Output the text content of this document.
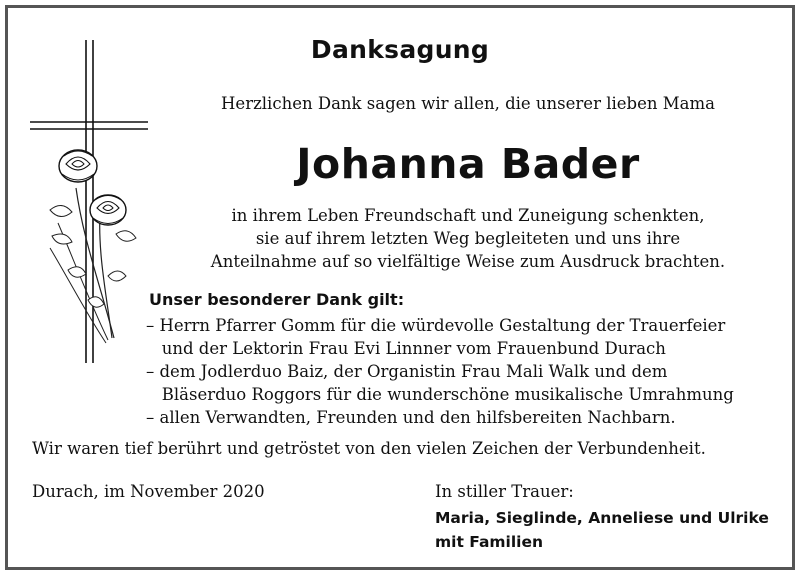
Danksagung
Herzlichen Dank sagen wir allen, die unserer lieben Mama
Johanna Bader
in ihrem Leben Freundschaft und Zuneigung schenkten,
sie auf ihrem letzten Weg begleiteten und uns ihre
Anteilnahme auf so vielfältige Weise zum Ausdruck brachten.
Unser besonderer Dank gilt:
– Herrn Pfarrer Gomm für die würdevolle Gestaltung der Trauerfeier
und der Lektorin Frau Evi Linnner vom Frauenbund Durach
– dem Jodlerduo Baiz, der Organistin Frau Mali Walk und dem
Bläserduo Roggors für die wunderschöne musikalische Umrahmung
– allen Verwandten, Freunden und den hilfsbereiten Nachbarn.
Wir waren tief berührt und getröstet von den vielen Zeichen der Verbundenheit.
Durach, im November 2020	In stiller Trauer:
Maria, Sieglinde, Anneliese und Ulrike
mit Familien
